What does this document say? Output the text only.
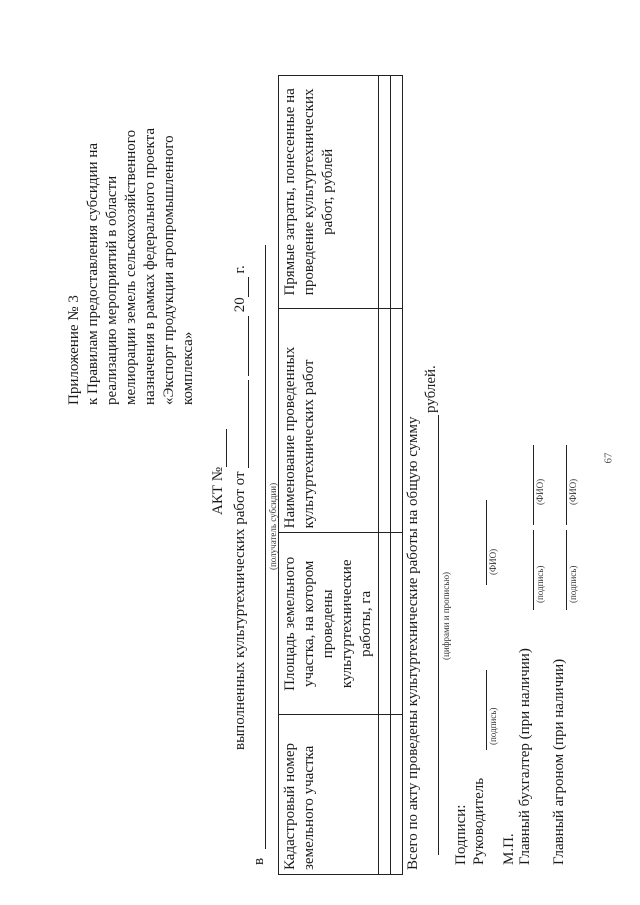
67
Приложение № 3 к Правилам предоставления субсидии на реализацию мероприятий в области мелиорации земель сельскохозяйственного назначения в рамках федерального проекта «Экспорт продукции агропромышленного комплекса»
АКТ № выполненных культуртехнических работ от   20 г.
в
(получатель субсидии)
Кадастровый номер земельного участка	Площадь земельного участка, на котором проведены культуртехнические работы, га	Наименование проведенных культуртехнических работ	Прямые затраты, понесенные на проведение культуртехнических работ, рублей

Всего по акту проведены культуртехнические работы на общую сумму
рублей.
(цифрами и прописью)
Подписи: Руководитель
(подпись)
(ФИО)
М.П. Главный бухгалтер (при наличии)
(подпись)
(ФИО)
Главный агроном (при наличии)
(подпись)
(ФИО)
